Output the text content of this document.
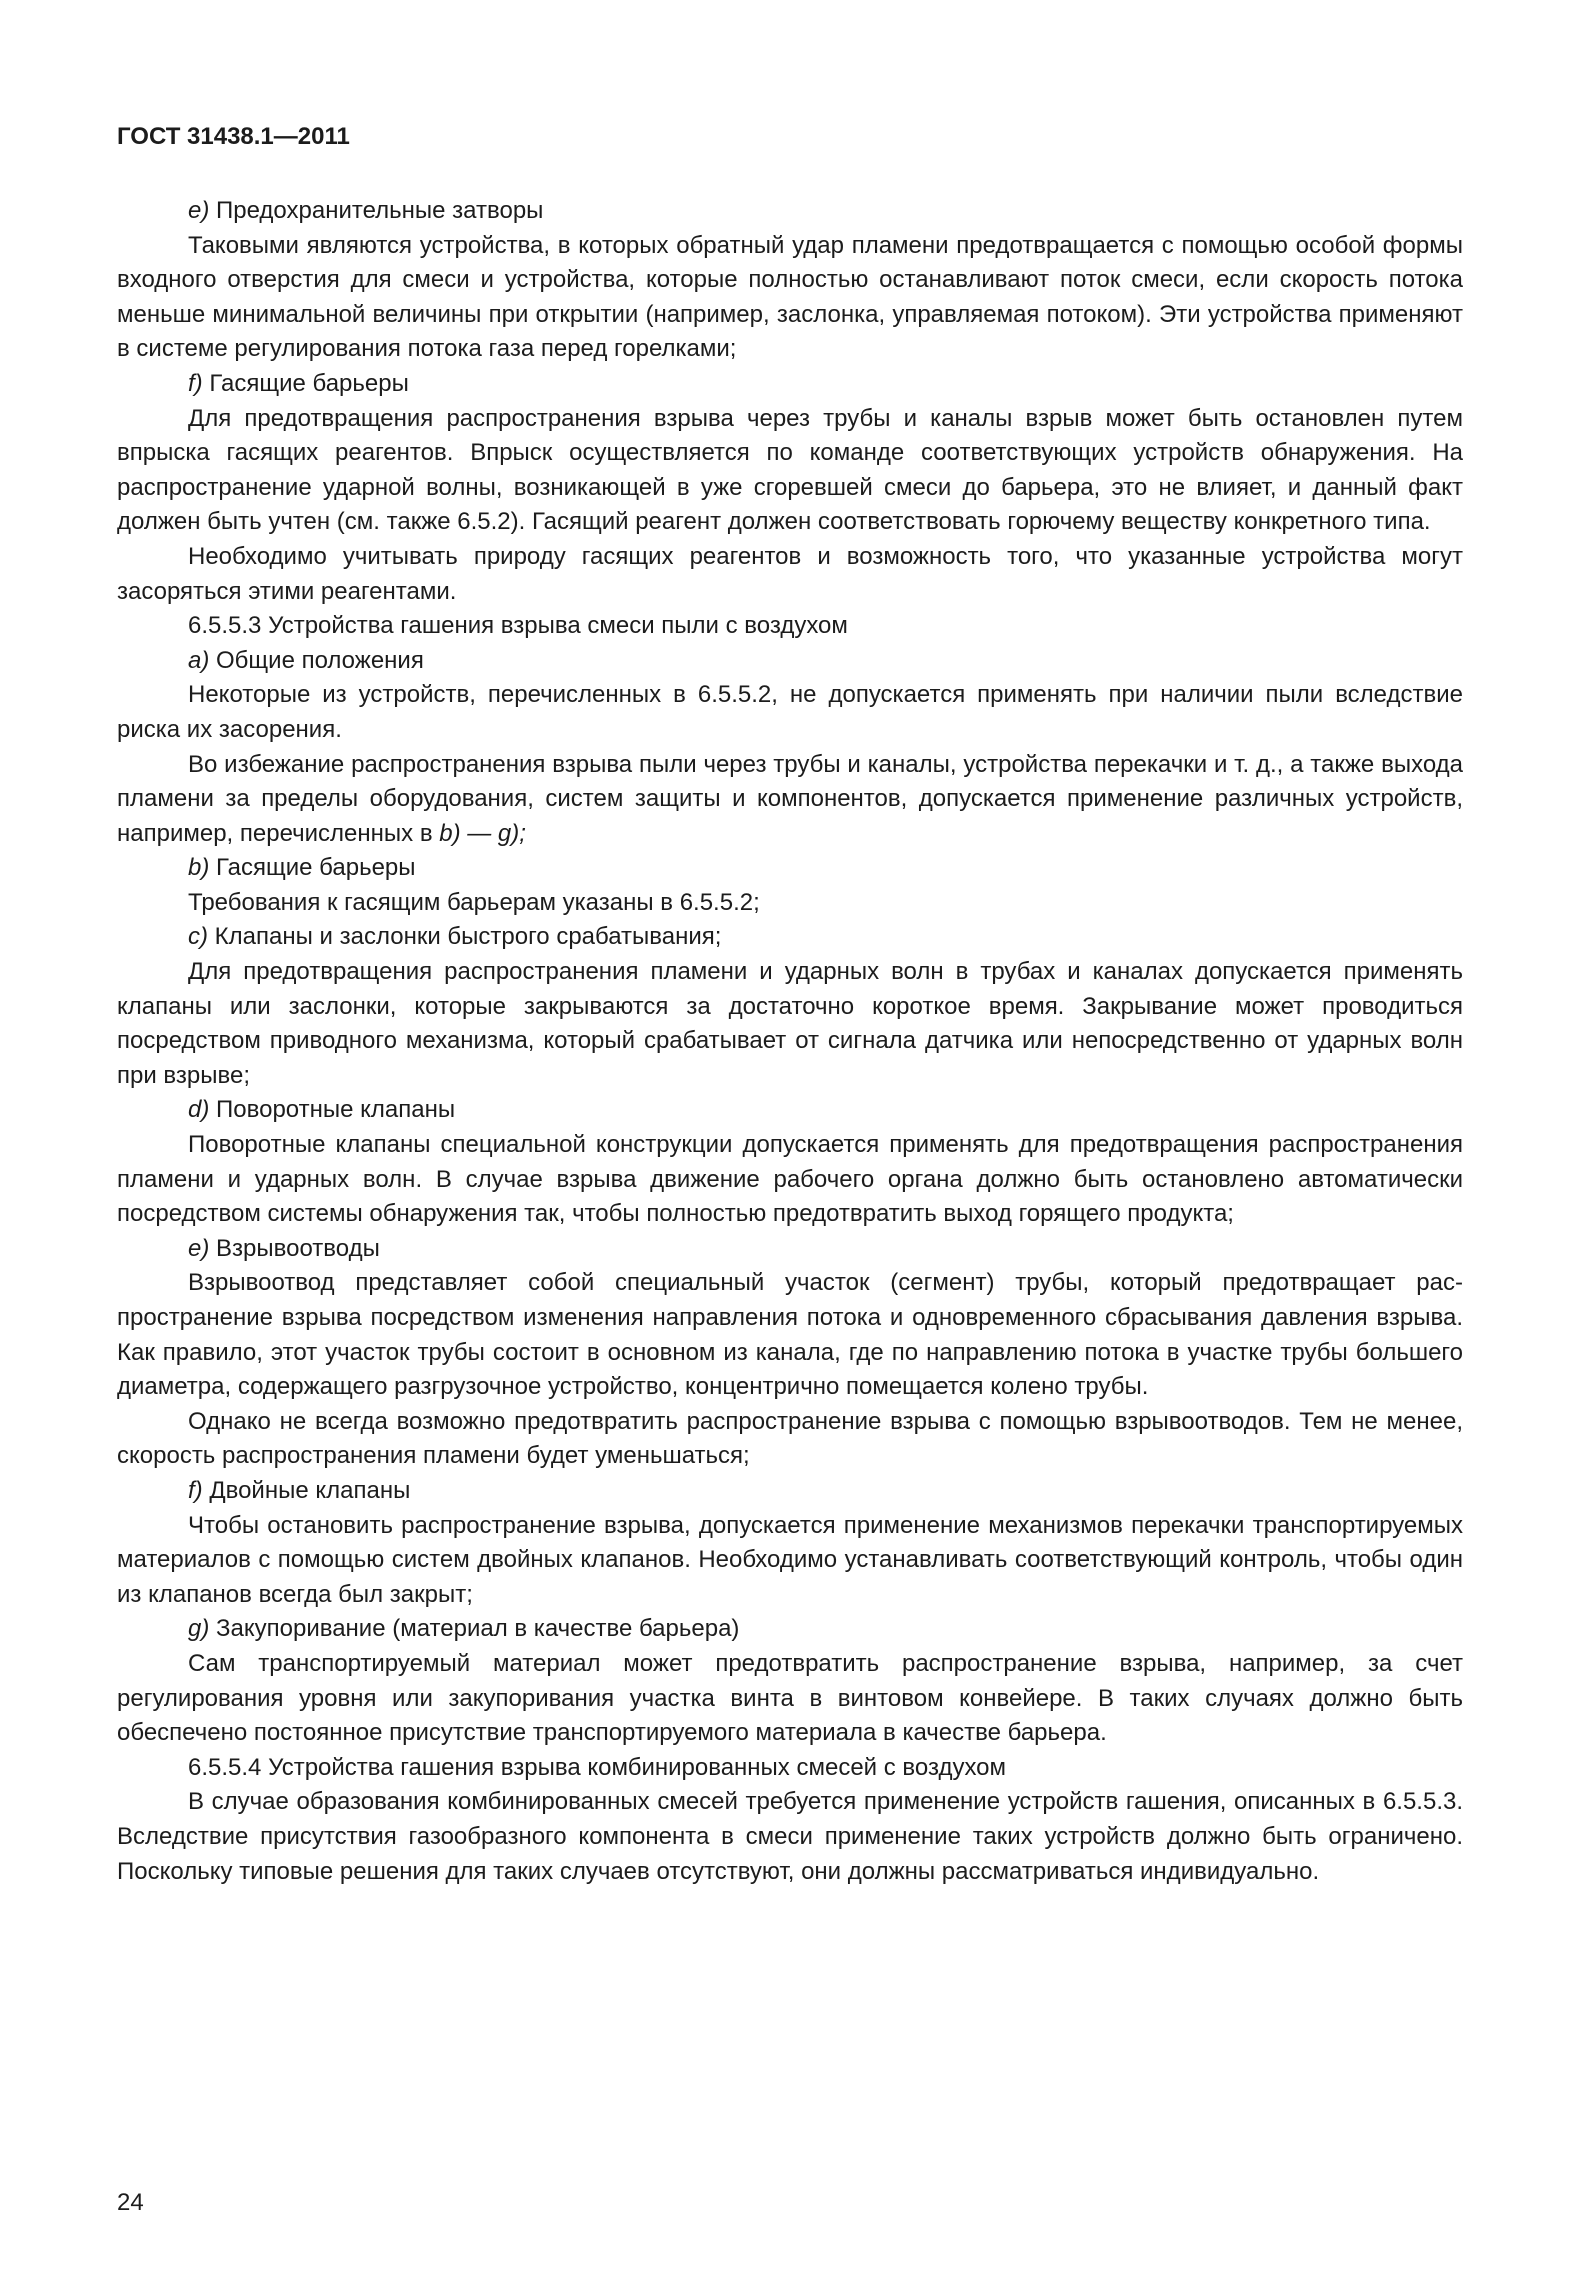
ГОСТ 31438.1—2011

e) Предохранительные затворы

Таковыми являются устройства, в которых обратный удар пламени предотвращается с помощью особой формы входного отверстия для смеси и устройства, которые полностью останавливают поток смеси, если скорость потока меньше минимальной величины при открытии (например, заслонка, управляемая потоком). Эти устройства применяют в системе регулирования потока газа перед горелками;

f) Гасящие барьеры

Для предотвращения распространения взрыва через трубы и каналы взрыв может быть остановлен путем впрыска гасящих реагентов. Впрыск осуществляется по команде соответствующих устройств обнаружения. На распространение ударной волны, возникающей в уже сгоревшей смеси до барьера, это не влияет, и данный факт должен быть учтен (см. также 6.5.2). Гасящий реагент должен соответствовать горючему веществу конкретного типа.

Необходимо учитывать природу гасящих реагентов и возможность того, что указанные устройства могут засоряться этими реагентами.

6.5.5.3 Устройства гашения взрыва смеси пыли с воздухом

a) Общие положения

Некоторые из устройств, перечисленных в 6.5.5.2, не допускается применять при наличии пыли вследствие риска их засорения.

Во избежание распространения взрыва пыли через трубы и каналы, устройства перекачки и т. д., а также выхода пламени за пределы оборудования, систем защиты и компонентов, допускается применение различных устройств, например, перечисленных в b) — g);

b) Гасящие барьеры

Требования к гасящим барьерам указаны в 6.5.5.2;

c) Клапаны и заслонки быстрого срабатывания;

Для предотвращения распространения пламени и ударных волн в трубах и каналах допускается применять клапаны или заслонки, которые закрываются за достаточно короткое время. Закрывание может проводиться посредством приводного механизма, который срабатывает от сигнала датчика или непосредственно от ударных волн при взрыве;

d) Поворотные клапаны

Поворотные клапаны специальной конструкции допускается применять для предотвращения распространения пламени и ударных волн. В случае взрыва движение рабочего органа должно быть остановлено автоматически посредством системы обнаружения так, чтобы полностью предотвратить выход горящего продукта;

e) Взрывоотводы

Взрывоотвод представляет собой специальный участок (сегмент) трубы, который предотвращает распространение взрыва посредством изменения направления потока и одновременного сбрасывания давления взрыва. Как правило, этот участок трубы состоит в основном из канала, где по направлению потока в участке трубы большего диаметра, содержащего разгрузочное устройство, концентрично помещается колено трубы.

Однако не всегда возможно предотвратить распространение взрыва с помощью взрывоотводов. Тем не менее, скорость распространения пламени будет уменьшаться;

f) Двойные клапаны

Чтобы остановить распространение взрыва, допускается применение механизмов перекачки транспортируемых материалов с помощью систем двойных клапанов. Необходимо устанавливать соответствующий контроль, чтобы один из клапанов всегда был закрыт;

g) Закупоривание (материал в качестве барьера)

Сам транспортируемый материал может предотвратить распространение взрыва, например, за счет регулирования уровня или закупоривания участка винта в винтовом конвейере. В таких случаях должно быть обеспечено постоянное присутствие транспортируемого материала в качестве барьера.

6.5.5.4 Устройства гашения взрыва комбинированных смесей с воздухом

В случае образования комбинированных смесей требуется применение устройств гашения, описанных в 6.5.5.3. Вследствие присутствия газообразного компонента в смеси применение таких устройств должно быть ограничено. Поскольку типовые решения для таких случаев отсутствуют, они должны рассматриваться индивидуально.

24
